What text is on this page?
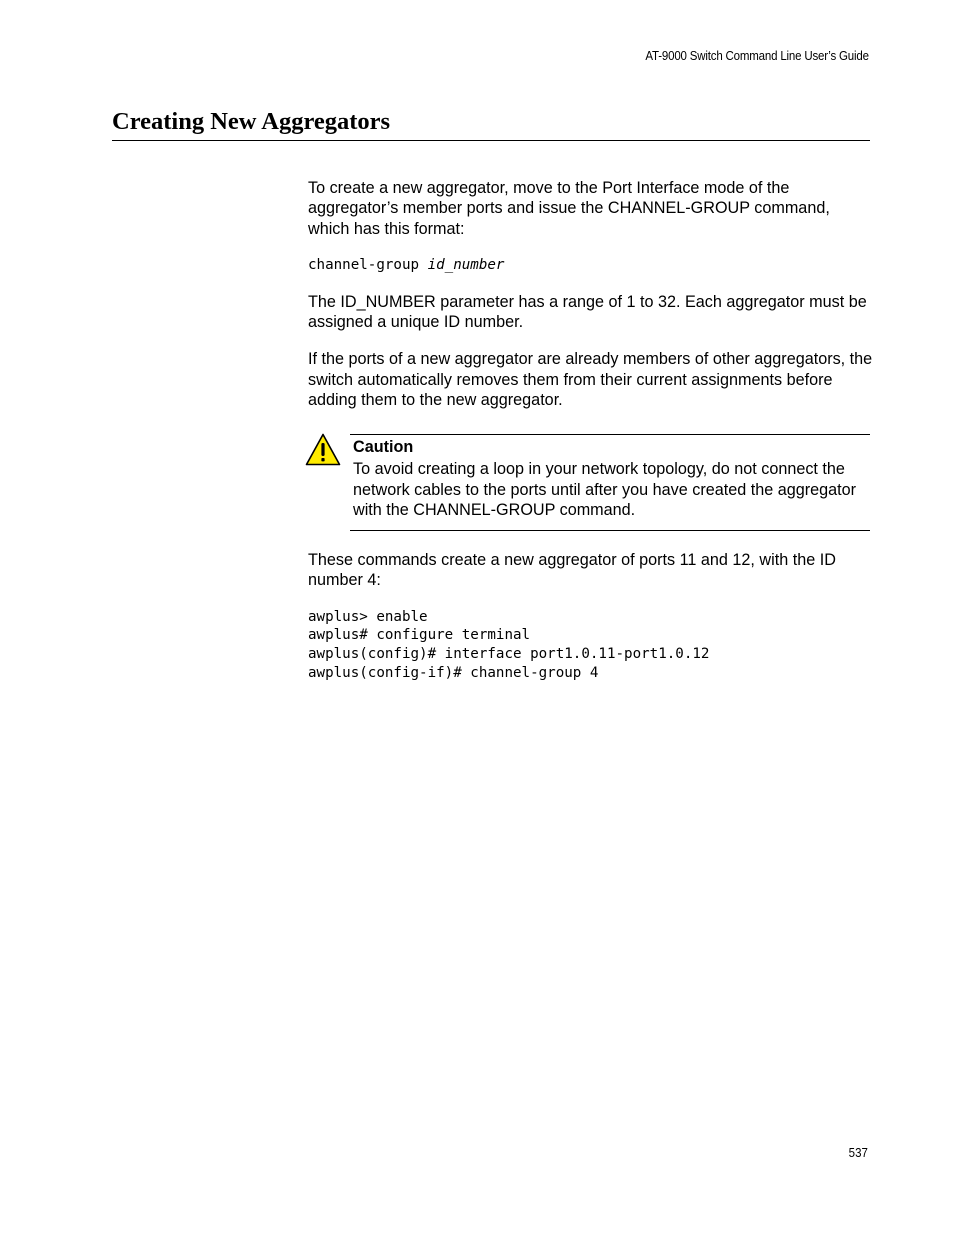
AT-9000 Switch Command Line User’s Guide
Creating New Aggregators

To create a new aggregator, move to the Port Interface mode of the aggregator’s member ports and issue the CHANNEL-GROUP command, which has this format:

channel-group id_number

The ID_NUMBER parameter has a range of 1 to 32. Each aggregator must be assigned a unique ID number.

If the ports of a new aggregator are already members of other aggregators, the switch automatically removes them from their current assignments before adding them to the new aggregator.

Caution

To avoid creating a loop in your network topology, do not connect the network cables to the ports until after you have created the aggregator with the CHANNEL-GROUP command.

These commands create a new aggregator of ports 11 and 12, with the ID number 4:

awplus> enable

awplus# configure terminal

awplus(config)# interface port1.0.11-port1.0.12

awplus(config-if)# channel-group 4

537
